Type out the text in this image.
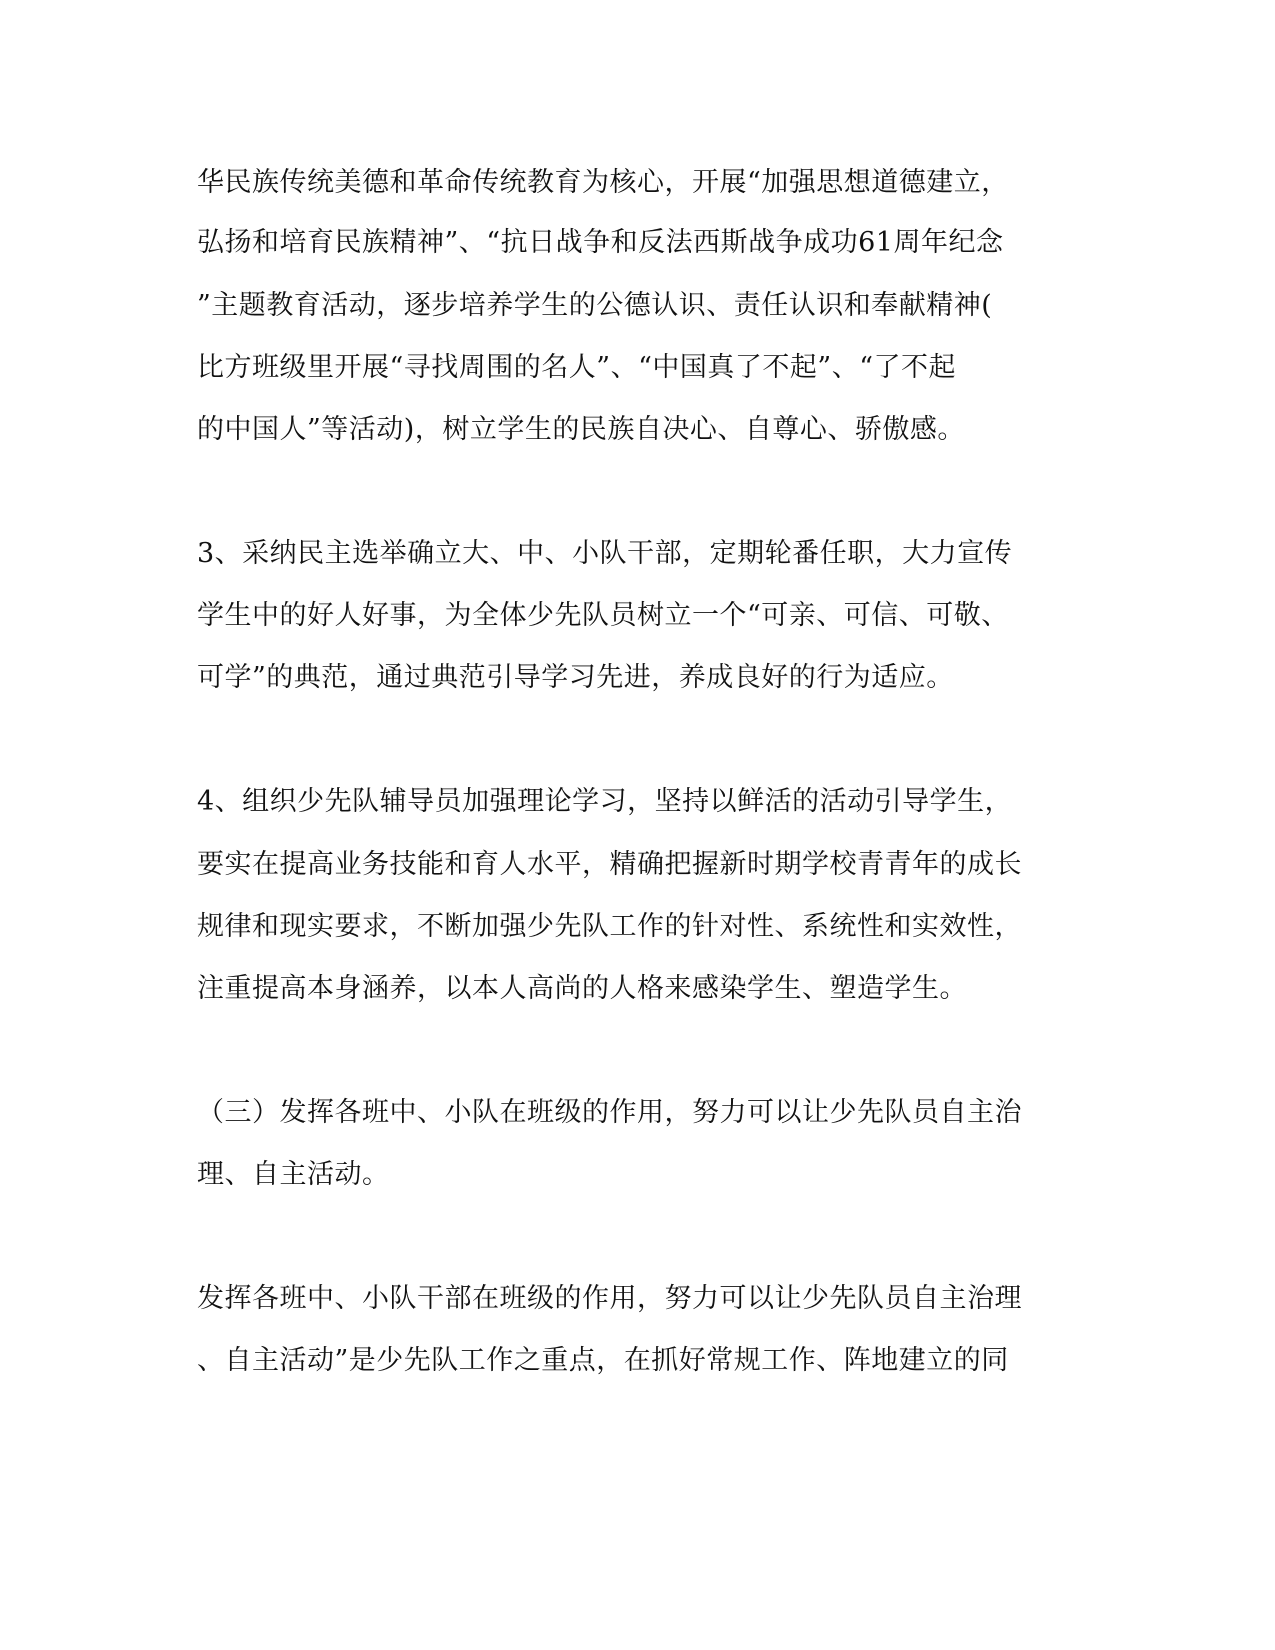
华民族传统美德和革命传统教育为核心，开展“加强思想道德建立，
弘扬和培育民族精神”、“抗日战争和反法西斯战争成功61周年纪念
”主题教育活动，逐步培养学生的公德认识、责任认识和奉献精神(
比方班级里开展“寻找周围的名人”、“中国真了不起”、“了不起
的中国人”等活动)，树立学生的民族自决心、自尊心、骄傲感。
3、采纳民主选举确立大、中、小队干部，定期轮番任职，大力宣传
学生中的好人好事，为全体少先队员树立一个“可亲、可信、可敬、
可学”的典范，通过典范引导学习先进，养成良好的行为适应。
4、组织少先队辅导员加强理论学习，坚持以鲜活的活动引导学生，
要实在提高业务技能和育人水平，精确把握新时期学校青青年的成长
规律和现实要求，不断加强少先队工作的针对性、系统性和实效性，
注重提高本身涵养，以本人高尚的人格来感染学生、塑造学生。
（三）发挥各班中、小队在班级的作用，努力可以让少先队员自主治
理、自主活动。
发挥各班中、小队干部在班级的作用，努力可以让少先队员自主治理
、自主活动”是少先队工作之重点，在抓好常规工作、阵地建立的同
